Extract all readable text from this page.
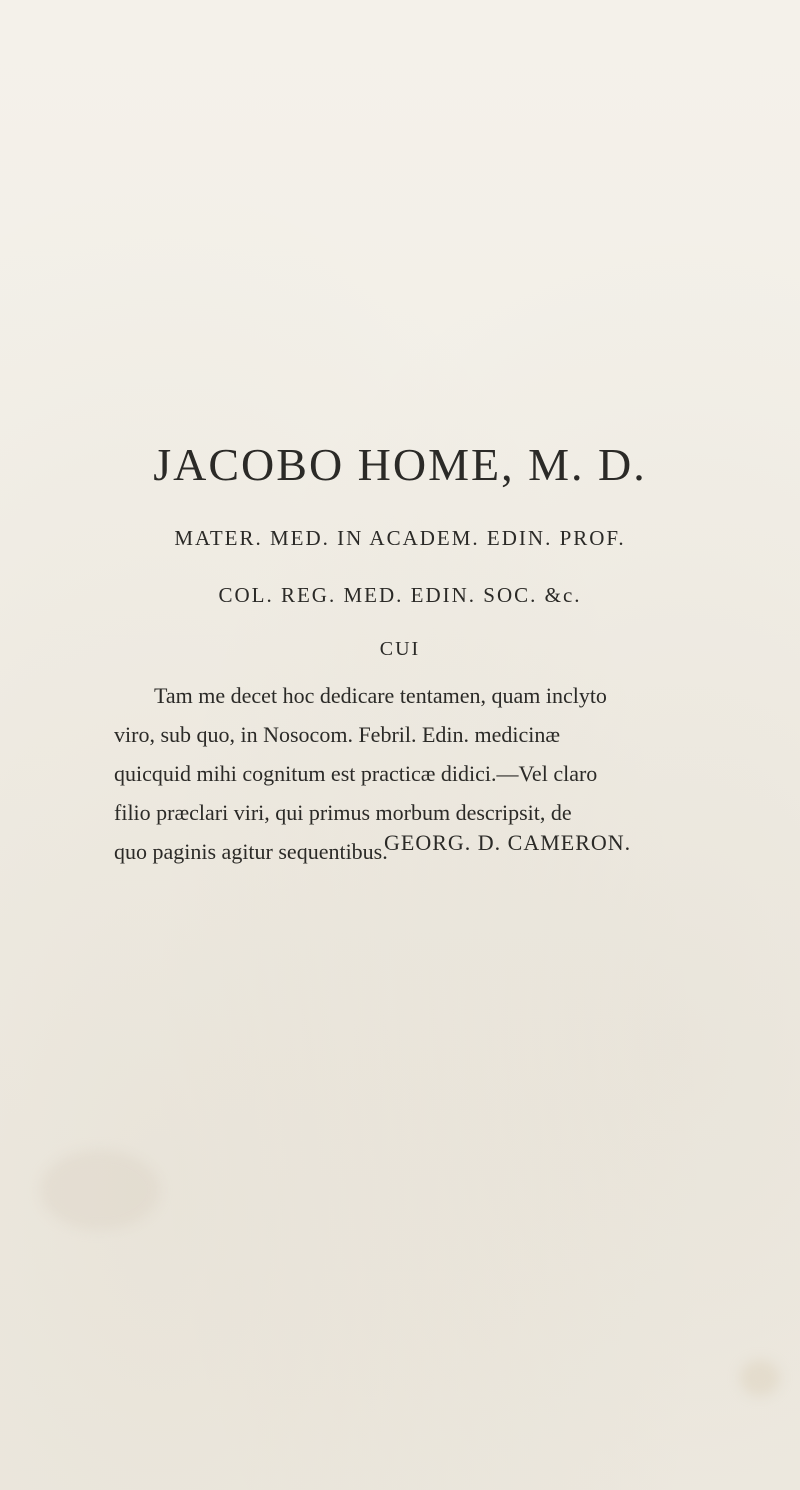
JACOBO HOME, M. D.

MATER. MED. IN ACADEM. EDIN. PROF.

COL. REG. MED. EDIN. SOC. &c.

CUI

Tam me decet hoc dedicare tentamen, quam inclyto
viro, sub quo, in Nosocom. Febril. Edin. medicinæ
quicquid mihi cognitum est practicæ didici.—Vel claro
filio præclari viri, qui primus morbum descripsit, de
quo paginis agitur sequentibus.

GEORG. D. CAMERON.
